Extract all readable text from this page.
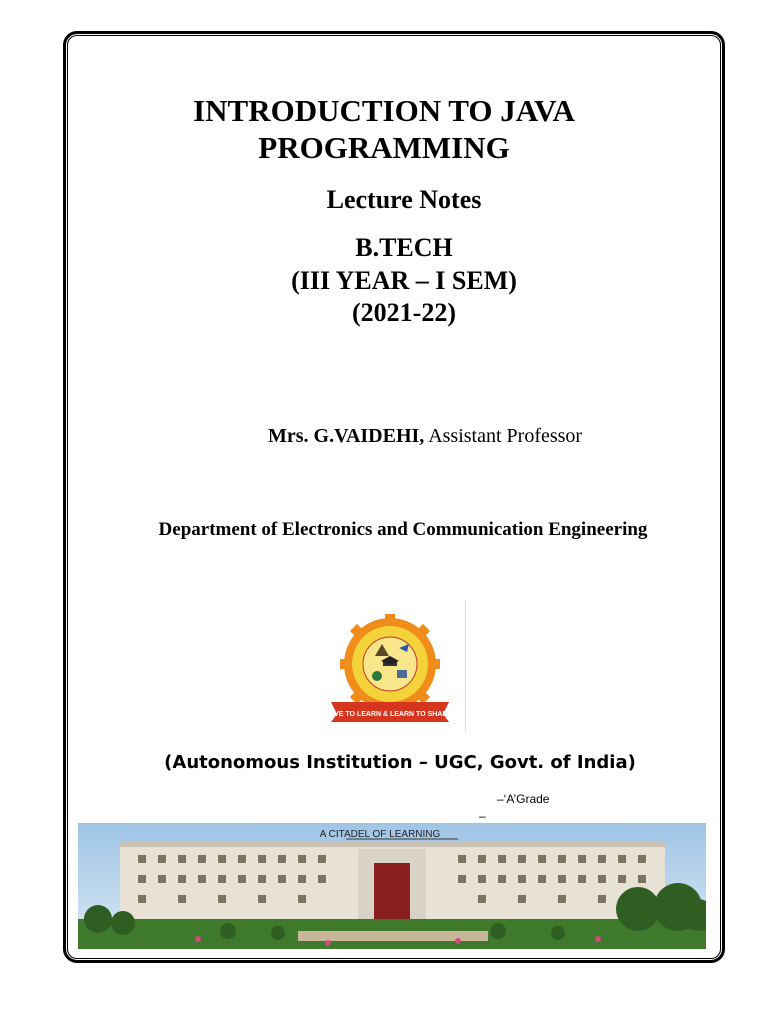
INTRODUCTION TO JAVA
PROGRAMMING
Lecture Notes
B.TECH
(III YEAR – I SEM)
(2021-22)
Mrs. G.VAIDEHI, Assistant Professor
Department of Electronics and Communication Engineering
LIVE TO LEARN & LEARN TO SHARE
(Autonomous Institution – UGC, Govt. of India)
–‘A’Grade
–
A CITADEL OF LEARNING
